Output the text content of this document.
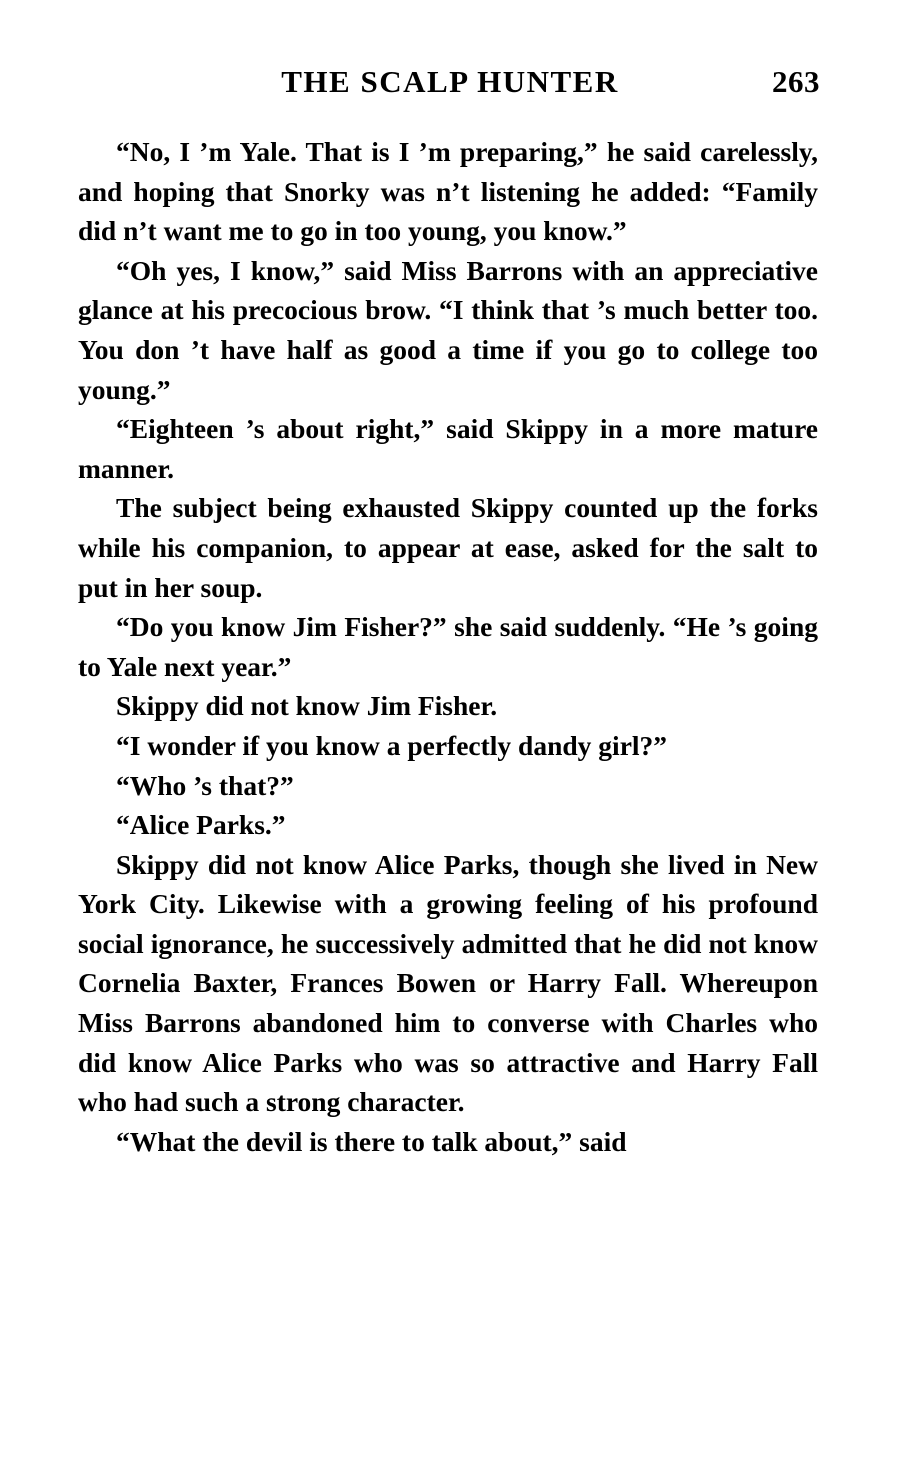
THE SCALP HUNTER	263

“No, I ’m Yale. That is I ’m preparing,” he said carelessly, and hoping that Snorky was n’t listening he added: “Family did n’t want me to go in too young, you know.”

“Oh yes, I know,” said Miss Barrons with an appreciative glance at his precocious brow. “I think that ’s much better too. You don ’t have half as good a time if you go to college too young.”

“Eighteen ’s about right,” said Skippy in a more mature manner.

The subject being exhausted Skippy counted up the forks while his companion, to appear at ease, asked for the salt to put in her soup.

“Do you know Jim Fisher?” she said suddenly. “He ’s going to Yale next year.”

Skippy did not know Jim Fisher.

“I wonder if you know a perfectly dandy girl?”

“Who ’s that?”

“Alice Parks.”

Skippy did not know Alice Parks, though she lived in New York City. Likewise with a growing feeling of his profound social ignorance, he successively admitted that he did not know Cornelia Baxter, Frances Bowen or Harry Fall. Whereupon Miss Barrons abandoned him to converse with Charles who did know Alice Parks who was so attractive and Harry Fall who had such a strong character.

“What the devil is there to talk about,” said
